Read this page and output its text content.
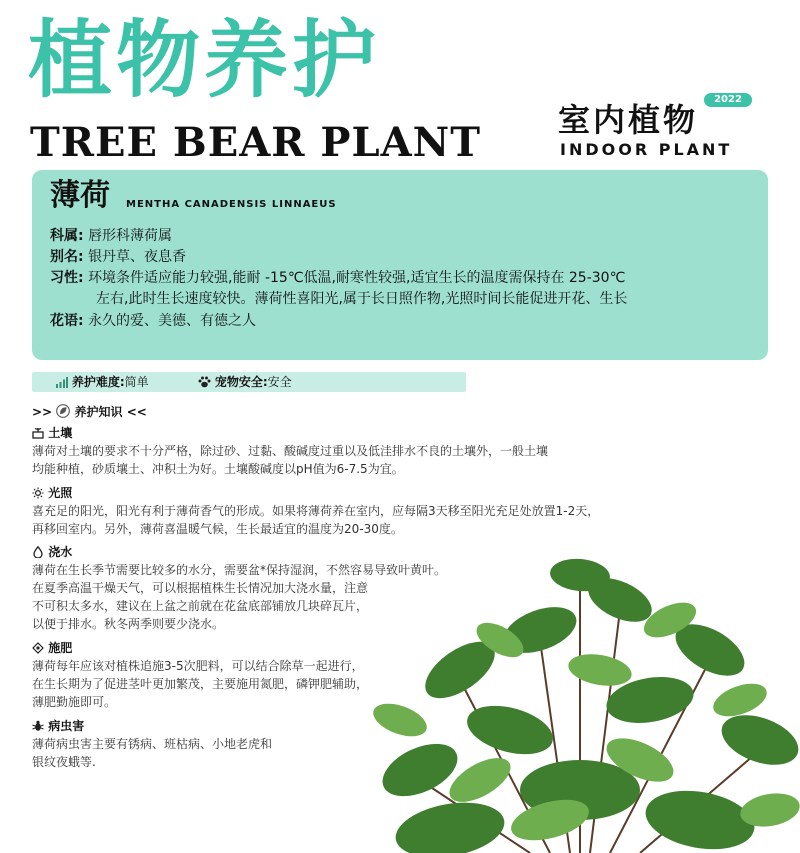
植物养护
TREE BEAR PLANT
2022
室内植物
INDOOR PLANT
薄荷 MENTHA CANADENSIS LINNAEUS
科属: 唇形科薄荷属
别名: 银丹草、夜息香
习性: 环境条件适应能力较强,能耐 -15℃低温,耐寒性较强,适宜生长的温度需保持在 25-30℃
左右,此时生长速度较快。薄荷性喜阳光,属于长日照作物,光照时间长能促进开花、生长
花语: 永久的爱、美德、有德之人
养护难度:简单	宠物安全:安全
>> 养护知识 <<
土壤
薄荷对土壤的要求不十分严格，除过砂、过黏、酸碱度过重以及低洼排水不良的土壤外，一般土壤
均能种植，砂质壤土、冲积土为好。土壤酸碱度以pH值为6-7.5为宜。
光照
喜充足的阳光，阳光有利于薄荷香气的形成。如果将薄荷养在室内，应每隔3天移至阳光充足处放置1-2天，
再移回室内。另外，薄荷喜温暖气候，生长最适宜的温度为20-30度。
浇水
薄荷在生长季节需要比较多的水分，需要盆*保持湿润，不然容易导致叶黄叶。
在夏季高温干燥天气，可以根据植株生长情况加大浇水量，注意
不可积太多水，建议在上盆之前就在花盆底部铺放几块碎瓦片，
以便于排水。秋冬两季则要少浇水。
施肥
薄荷每年应该对植株追施3-5次肥料，可以结合除草一起进行，
在生长期为了促进茎叶更加繁茂，主要施用氮肥，磷钾肥辅助，
薄肥勤施即可。
病虫害
薄荷病虫害主要有锈病、班枯病、小地老虎和
银纹夜蛾等.
